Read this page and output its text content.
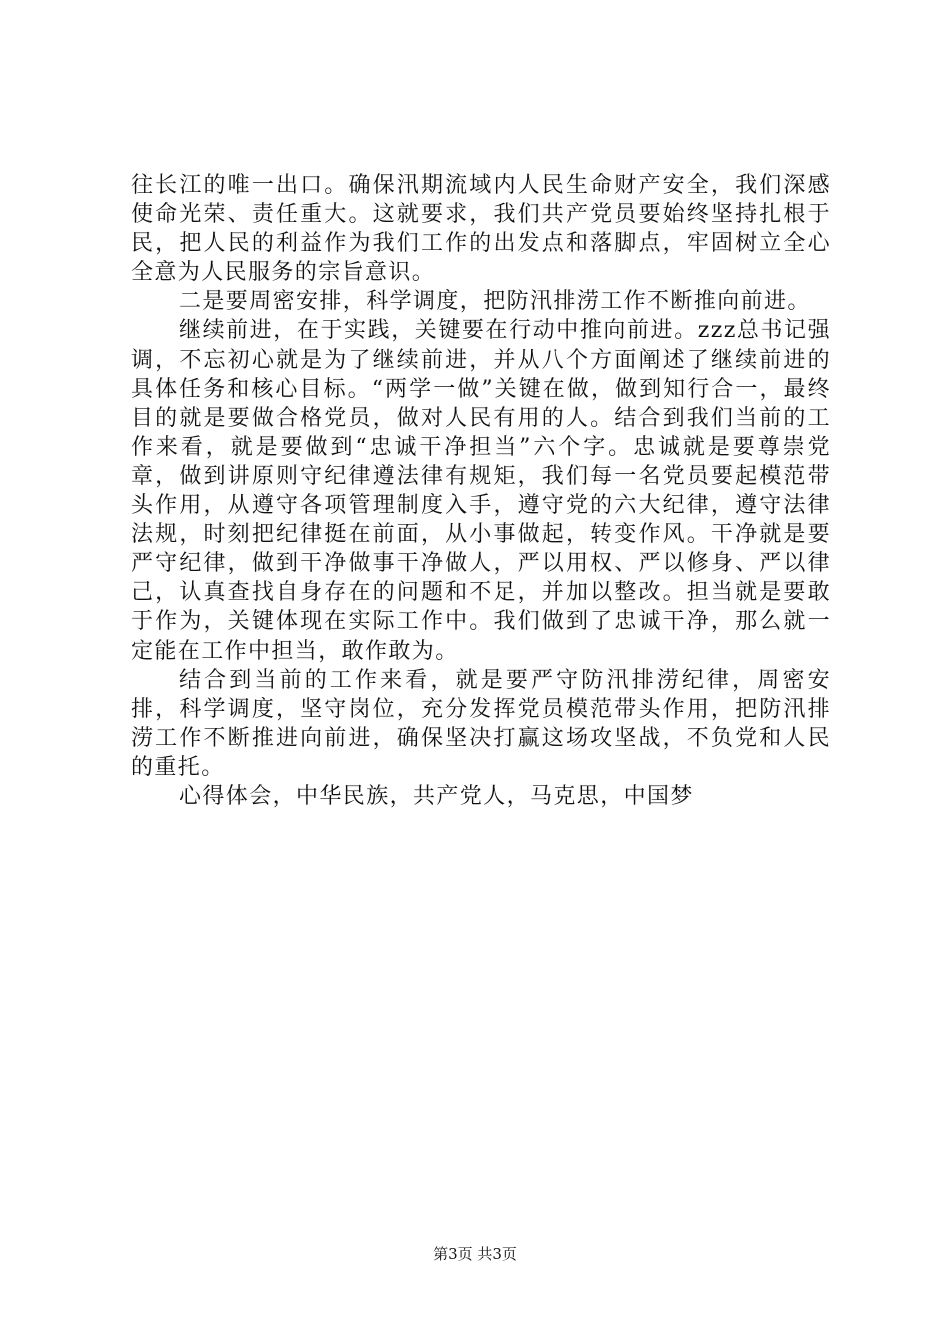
往长江的唯一出口。确保汛期流域内人民生命财产安全，我们深感使命光荣、责任重大。这就要求，我们共产党员要始终坚持扎根于民，把人民的利益作为我们工作的出发点和落脚点，牢固树立全心全意为人民服务的宗旨意识。

二是要周密安排，科学调度，把防汛排涝工作不断推向前进。

继续前进，在于实践，关键要在行动中推向前进。zzz总书记强调，不忘初心就是为了继续前进，并从八个方面阐述了继续前进的具体任务和核心目标。“两学一做”关键在做，做到知行合一，最终目的就是要做合格党员，做对人民有用的人。结合到我们当前的工作来看，就是要做到“忠诚干净担当”六个字。忠诚就是要尊崇党章，做到讲原则守纪律遵法律有规矩，我们每一名党员要起模范带头作用，从遵守各项管理制度入手，遵守党的六大纪律，遵守法律法规，时刻把纪律挺在前面，从小事做起，转变作风。干净就是要严守纪律，做到干净做事干净做人，严以用权、严以修身、严以律己，认真查找自身存在的问题和不足，并加以整改。担当就是要敢于作为，关键体现在实际工作中。我们做到了忠诚干净，那么就一定能在工作中担当，敢作敢为。

结合到当前的工作来看，就是要严守防汛排涝纪律，周密安排，科学调度，坚守岗位，充分发挥党员模范带头作用，把防汛排涝工作不断推进向前进，确保坚决打赢这场攻坚战，不负党和人民的重托。

心得体会，中华民族，共产党人，马克思，中国梦

第3页 共3页
